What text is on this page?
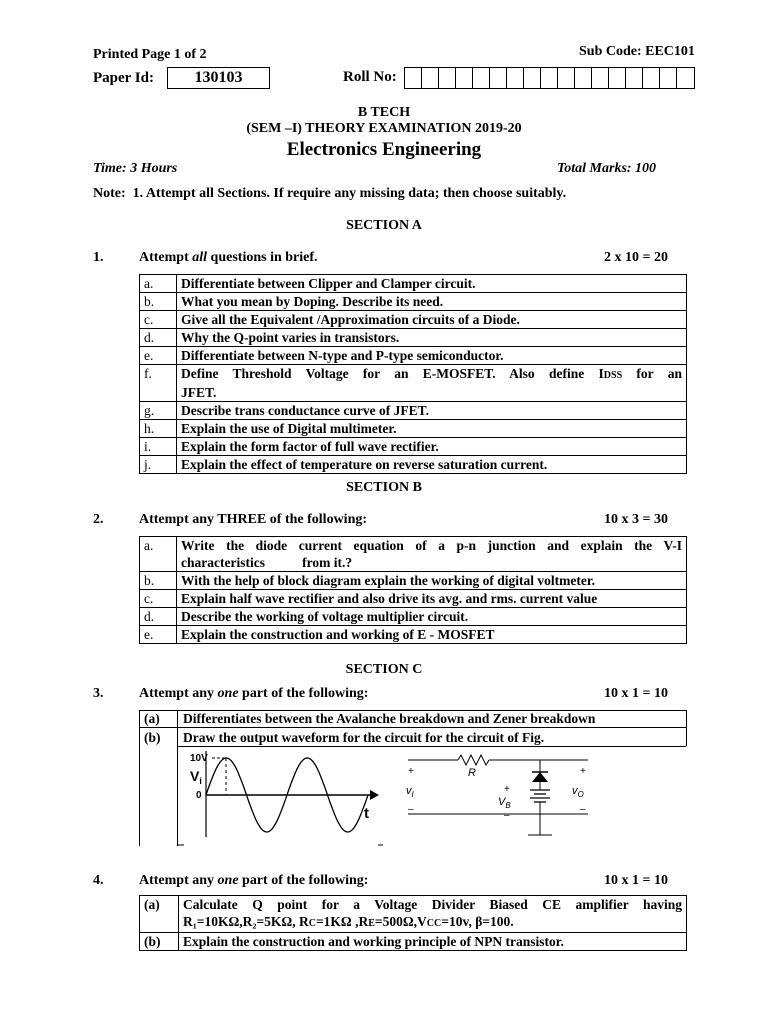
Printed Page 1 of 2	Sub Code: EEC101
Paper Id:	130103	Roll No:
B TECH
(SEM –I) THEORY EXAMINATION 2019-20
Electronics Engineering
Time: 3 Hours	Total Marks: 100
Note:  1. Attempt all Sections. If require any missing data; then choose suitably.
SECTION A
1.	Attempt all questions in brief.	2 x 10 = 20
a.	Differentiate between Clipper and Clamper circuit.
b.	What you mean by Doping. Describe its need.
c.	Give all the Equivalent /Approximation circuits of a Diode.
d.	Why the Q-point varies in transistors.
e.	Differentiate between N-type and P-type semiconductor.
f.	Define Threshold Voltage for an E-MOSFET. Also define IDSS for an
JFET.
g.	Describe trans conductance curve of JFET.
h.	Explain the use of Digital multimeter.
i.	Explain the form factor of full wave rectifier.
j.	Explain the effect of temperature on reverse saturation current.
SECTION B
2.	Attempt any THREE of the following:	10 x 3 = 30
a.	Write the diode current equation of a p-n junction and explain the V-I
characteristics           from it.?
b.	With the help of block diagram explain the working of digital voltmeter.
c.	Explain half wave rectifier and also drive its avg. and rms. current value
d.	Describe the working of voltage multiplier circuit.
e.	Explain the construction and working of E - MOSFET
SECTION C
3.	Attempt any one part of the following:	10 x 1 = 10
(a) Differentiates between the Avalanche breakdown and Zener breakdown
(b) Draw the output waveform for the circuit for the circuit of Fig.
10V
$V_i$
0
t
R
+
$V_B$
–
+
$v_I$
–
+
$v_O$
–
4.	Attempt any one part of the following:	10 x 1 = 10
(a)	Calculate Q point for a Voltage Divider Biased CE amplifier having
R₁=10KΩ,R₂=5KΩ, RC=1KΩ ,RE=500Ω,VCC=10v, β=100.
(b)	Explain the construction and working principle of NPN transistor.
